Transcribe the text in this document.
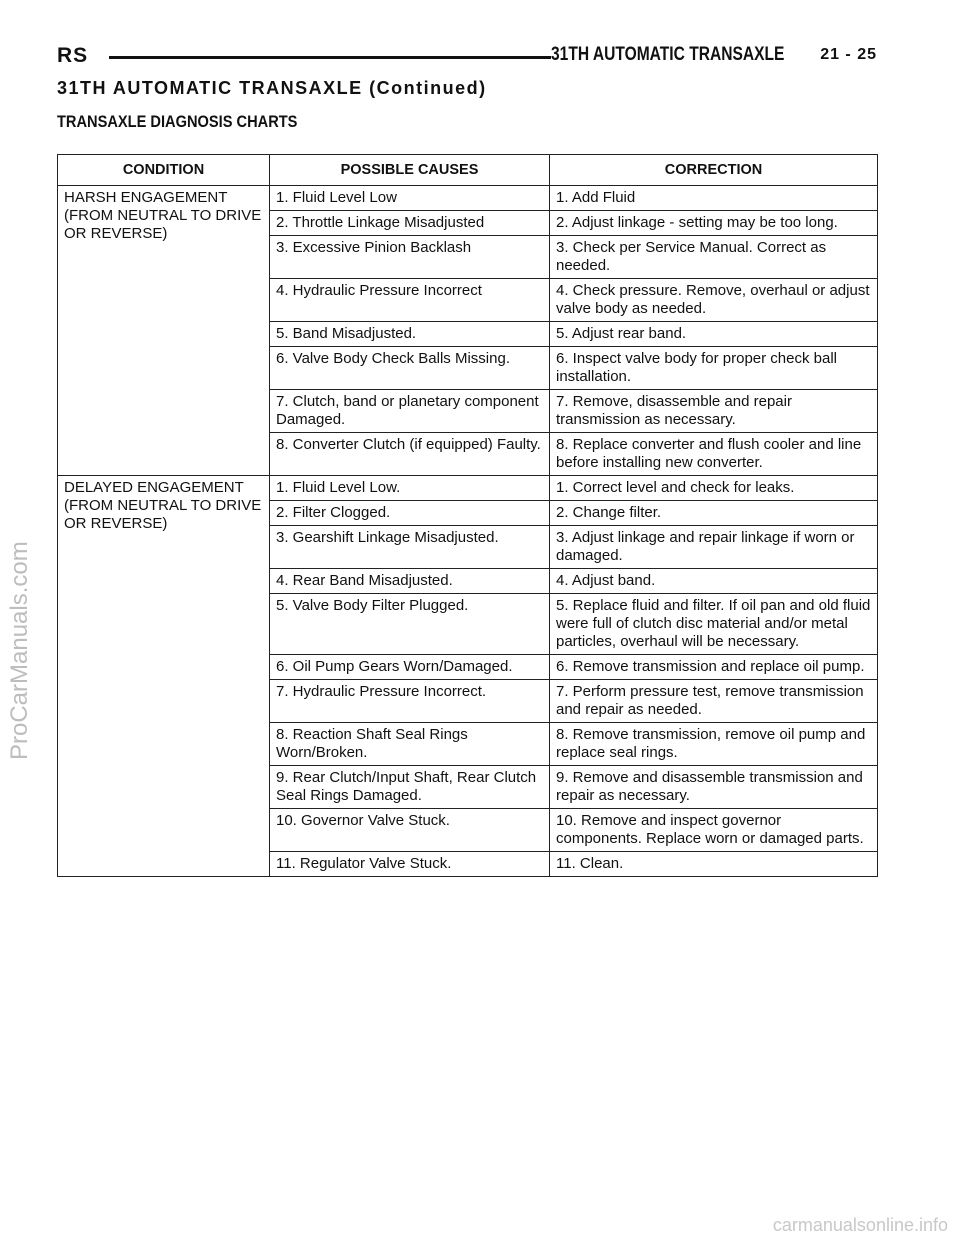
RS	31TH AUTOMATIC TRANSAXLE 21 - 25
31TH AUTOMATIC TRANSAXLE (Continued)
TRANSAXLE DIAGNOSIS CHARTS
CONDITION	POSSIBLE CAUSES	CORRECTION
HARSH ENGAGEMENT (FROM NEUTRAL TO DRIVE OR REVERSE)	1. Fluid Level Low	1. Add Fluid
	2. Throttle Linkage Misadjusted	2. Adjust linkage - setting may be too long.
	3. Excessive Pinion Backlash	3. Check per Service Manual. Correct as needed.
	4. Hydraulic Pressure Incorrect	4. Check pressure. Remove, overhaul or adjust valve body as needed.
	5. Band Misadjusted.	5. Adjust rear band.
	6. Valve Body Check Balls Missing.	6. Inspect valve body for proper check ball installation.
	7. Clutch, band or planetary component Damaged.	7. Remove, disassemble and repair transmission as necessary.
	8. Converter Clutch (if equipped) Faulty.	8. Replace converter and flush cooler and line before installing new converter.
DELAYED ENGAGEMENT (FROM NEUTRAL TO DRIVE OR REVERSE)	1. Fluid Level Low.	1. Correct level and check for leaks.
	2. Filter Clogged.	2. Change filter.
	3. Gearshift Linkage Misadjusted.	3. Adjust linkage and repair linkage if worn or damaged.
	4. Rear Band Misadjusted.	4. Adjust band.
	5. Valve Body Filter Plugged.	5. Replace fluid and filter. If oil pan and old fluid were full of clutch disc material and/or metal particles, overhaul will be necessary.
	6. Oil Pump Gears Worn/Damaged.	6. Remove transmission and replace oil pump.
	7. Hydraulic Pressure Incorrect.	7. Perform pressure test, remove transmission and repair as needed.
	8. Reaction Shaft Seal Rings Worn/Broken.	8. Remove transmission, remove oil pump and replace seal rings.
	9. Rear Clutch/Input Shaft, Rear Clutch Seal Rings Damaged.	9. Remove and disassemble transmission and repair as necessary.
	10. Governor Valve Stuck.	10. Remove and inspect governor components. Replace worn or damaged parts.
	11. Regulator Valve Stuck.	11. Clean.
ProCarManuals.com
carmanualsonline.info
